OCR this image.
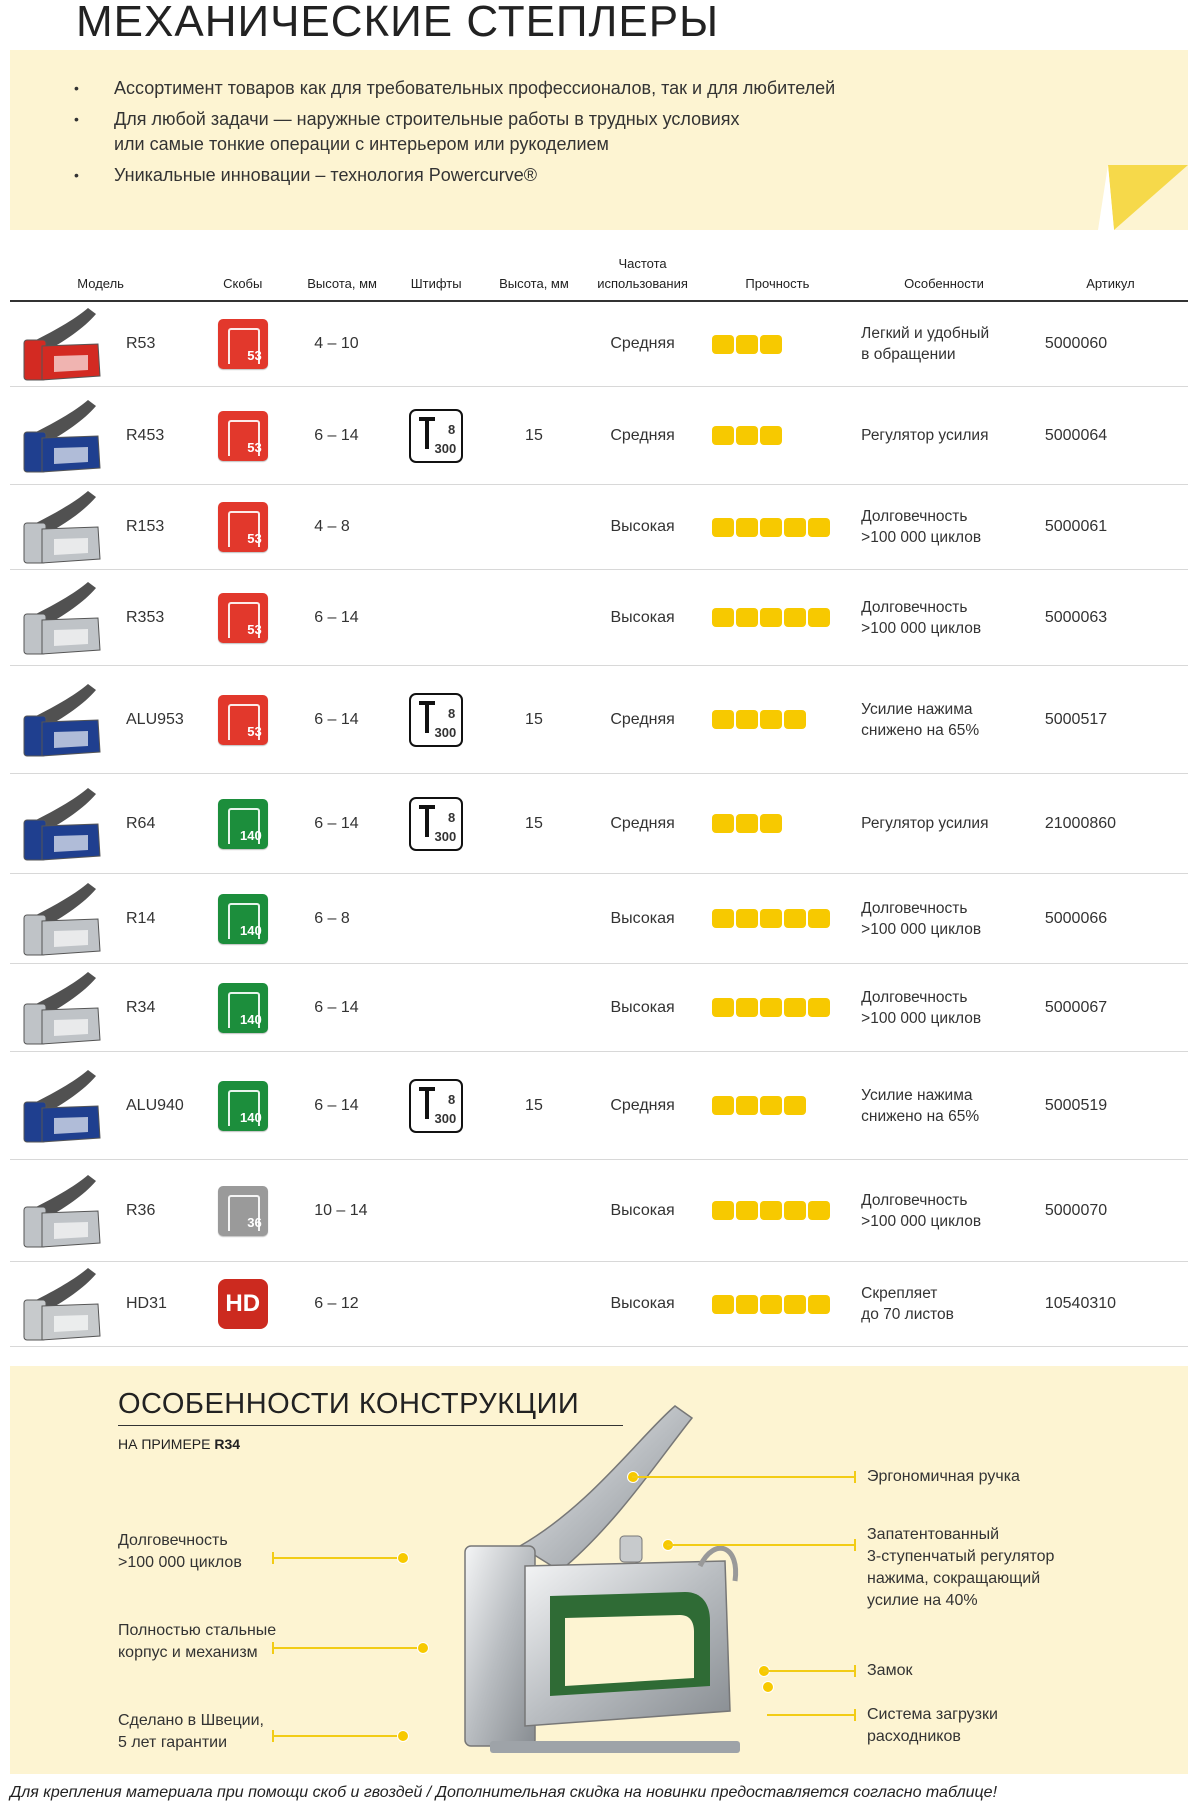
МЕХАНИЧЕСКИЕ СТЕПЛЕРЫ
• Ассортимент товаров как для требовательных профессионалов, так и для любителей
• Для любой задачи — наружные строительные работы в трудных условиях
или самые тонкие операции с интерьером или рукоделием
• Уникальные инновации – технология Powercurve®
Модель	Скобы	Высота, мм	Штифты	Высота, мм	Частота
использования	Прочность	Особенности	Артикул

R53	53	4 – 10			Средняя		Легкий и удобный
в обращении	5000060

R453	53	6 – 14	8
300	15	Средняя		Регулятор усилия	5000064

R153	53	4 – 8			Высокая		Долговечность
>100 000 циклов	5000061

R353	53	6 – 14			Высокая		Долговечность
>100 000 циклов	5000063

ALU953	53	6 – 14	8
300	15	Средняя		Усилие нажима
снижено на 65%	5000517

R64	140	6 – 14	8
300	15	Средняя		Регулятор усилия	21000860

R14	140	6 – 8			Высокая		Долговечность
>100 000 циклов	5000066

R34	140	6 – 14			Высокая		Долговечность
>100 000 циклов	5000067

ALU940	140	6 – 14	8
300	15	Средняя		Усилие нажима
снижено на 65%	5000519

R36	36	10 – 14			Высокая		Долговечность
>100 000 циклов	5000070

HD31	HD	6 – 12			Высокая		Скрепляет
до 70 листов	10540310
ОСОБЕННОСТИ КОНСТРУКЦИИ
НА ПРИМЕРЕ R34
Долговечность
>100 000 циклов
Полностью стальные
корпус и механизм
Сделано в Швеции,
5 лет гарантии
Эргономичная ручка
Запатентованный
3-ступенчатый регулятор
нажима, сокращающий
усилие на 40%
Замок
Система загрузки
расходников
Для крепления материала при помощи скоб и гвоздей / Дополнительная скидка на новинки предоставляется согласно таблице!
